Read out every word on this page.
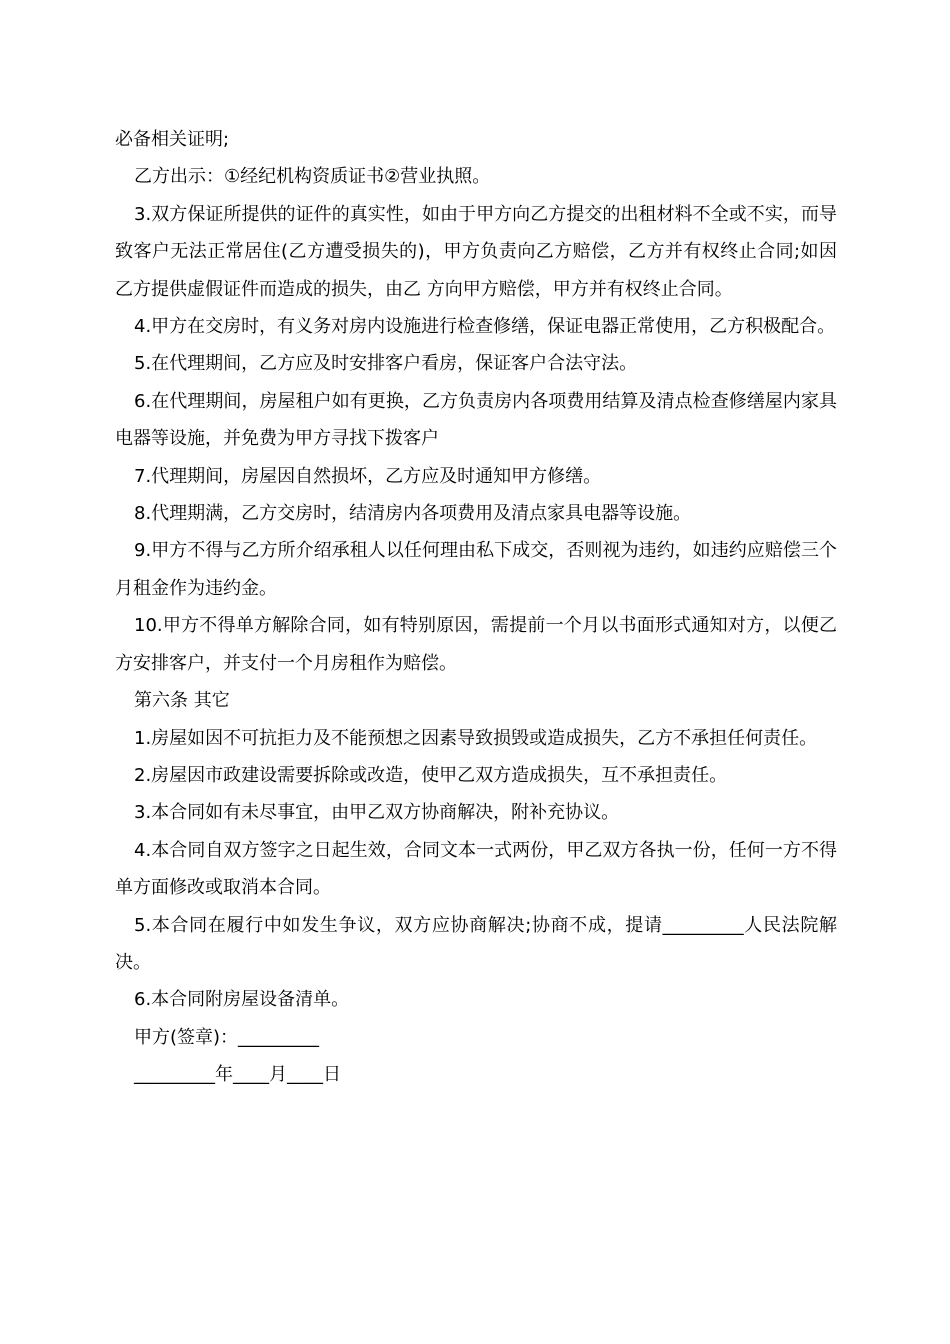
必备相关证明;

乙方出示：①经纪机构资质证书②营业执照。

3.双方保证所提供的证件的真实性，如由于甲方向乙方提交的出租材料不全或不实，而导致客户无法正常居住(乙方遭受损失的)，甲方负责向乙方赔偿，乙方并有权终止合同;如因乙方提供虚假证件而造成的损失，由乙 方向甲方赔偿，甲方并有权终止合同。

4.甲方在交房时，有义务对房内设施进行检查修缮，保证电器正常使用，乙方积极配合。

5.在代理期间，乙方应及时安排客户看房，保证客户合法守法。

6.在代理期间，房屋租户如有更换，乙方负责房内各项费用结算及清点检查修缮屋内家具电器等设施，并免费为甲方寻找下拨客户

7.代理期间，房屋因自然损坏，乙方应及时通知甲方修缮。

8.代理期满，乙方交房时，结清房内各项费用及清点家具电器等设施。

9.甲方不得与乙方所介绍承租人以任何理由私下成交，否则视为违约，如违约应赔偿三个月租金作为违约金。

10.甲方不得单方解除合同，如有特别原因，需提前一个月以书面形式通知对方，以便乙方安排客户，并支付一个月房租作为赔偿。

第六条 其它

1.房屋如因不可抗拒力及不能预想之因素导致损毁或造成损失，乙方不承担任何责任。

2.房屋因市政建设需要拆除或改造，使甲乙双方造成损失，互不承担责任。

3.本合同如有未尽事宜，由甲乙双方协商解决，附补充协议。

4.本合同自双方签字之日起生效，合同文本一式两份，甲乙双方各执一份，任何一方不得单方面修改或取消本合同。

5.本合同在履行中如发生争议，双方应协商解决;协商不成，提请_________人民法院解决。

6.本合同附房屋设备清单。

甲方(签章)：_________

_________年____月____日
